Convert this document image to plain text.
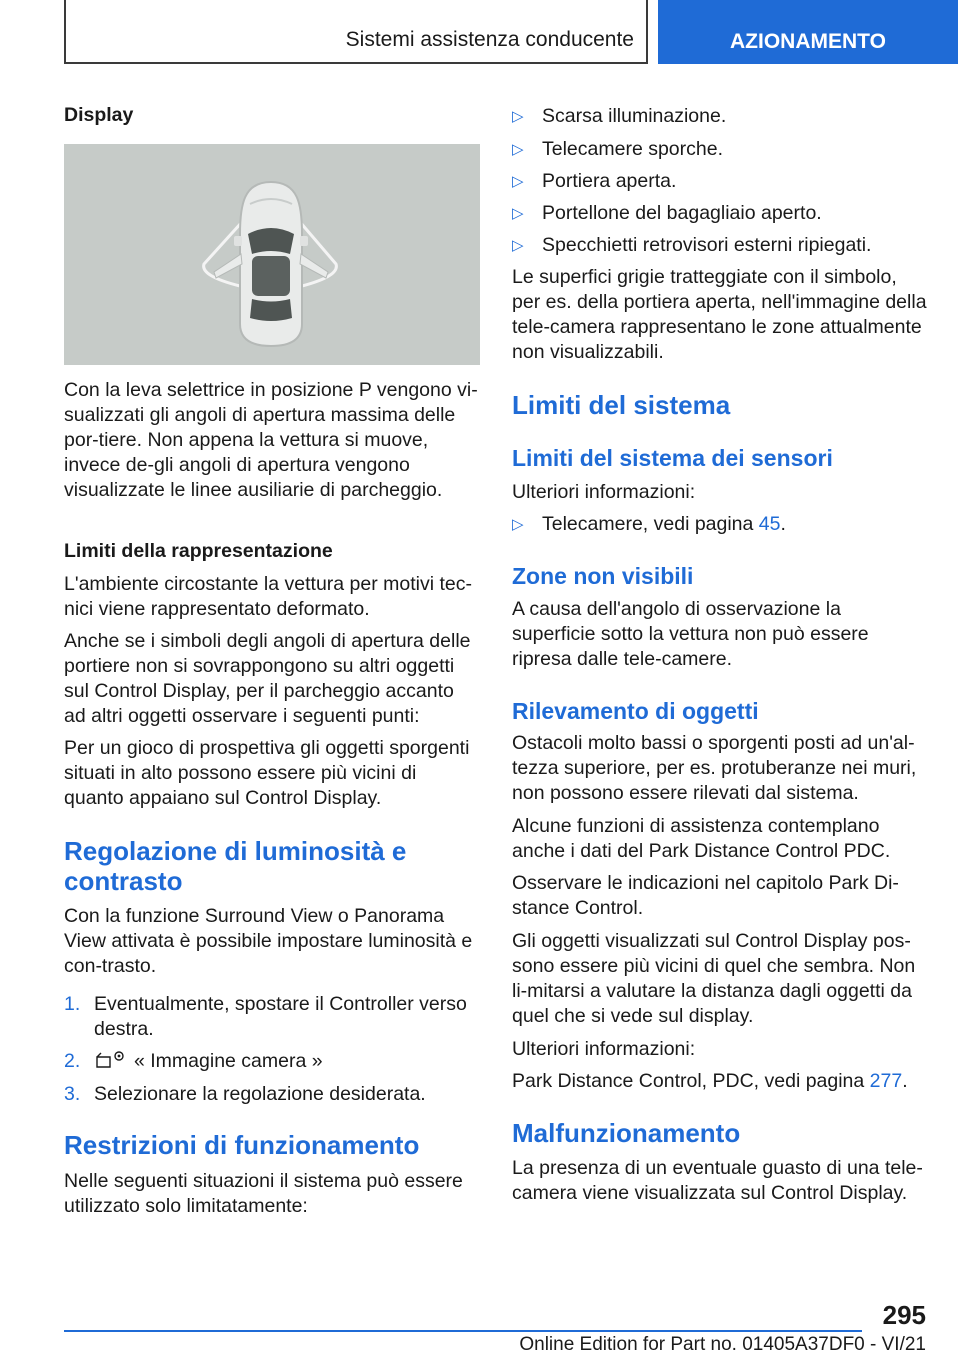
Sistemi assistenza conducente	AZIONAMENTO
Display

Con la leva selettrice in posizione P vengono vi-sualizzati gli angoli di apertura massima delle por-tiere. Non appena la vettura si muove, invece de-gli angoli di apertura vengono visualizzate le linee ausiliarie di parcheggio.

Limiti della rappresentazione

L'ambiente circostante la vettura per motivi tec-nici viene rappresentato deformato.

Anche se i simboli degli angoli di apertura delle portiere non si sovrappongono su altri oggetti sul Control Display, per il parcheggio accanto ad altri oggetti osservare i seguenti punti:

Per un gioco di prospettiva gli oggetti sporgenti situati in alto possono essere più vicini di quanto appaiano sul Control Display.

Regolazione di luminosità e contrasto

Con la funzione Surround View o Panorama View attivata è possibile impostare luminosità e con-trasto.

1. Eventualmente, spostare il Controller verso destra.
2.	« Immagine camera »
3. Selezionare la regolazione desiderata.
Restrizioni di funzionamento

Nelle seguenti situazioni il sistema può essere utilizzato solo limitatamente:

▷ Scarsa illuminazione.
▷ Telecamere sporche.
▷ Portiera aperta.
▷ Portellone del bagagliaio aperto.
▷ Specchietti retrovisori esterni ripiegati.

Le superfici grigie tratteggiate con il simbolo, per es. della portiera aperta, nell'immagine della tele-camera rappresentano le zone attualmente non visualizzabili.

Limiti del sistema
Limiti del sistema dei sensori

Ulteriori informazioni:

▷ Telecamere, vedi pagina 45.
Zone non visibili

A causa dell'angolo di osservazione la superficie sotto la vettura non può essere ripresa dalle tele-camere.

Rilevamento di oggetti

Ostacoli molto bassi o sporgenti posti ad un'al-tezza superiore, per es. protuberanze nei muri, non possono essere rilevati dal sistema.

Alcune funzioni di assistenza contemplano anche i dati del Park Distance Control PDC.

Osservare le indicazioni nel capitolo Park Di-stance Control.

Gli oggetti visualizzati sul Control Display pos-sono essere più vicini di quel che sembra. Non li-mitarsi a valutare la distanza dagli oggetti da quel che si vede sul display.

Ulteriori informazioni:

Park Distance Control, PDC, vedi pagina 277.

Malfunzionamento

La presenza di un eventuale guasto di una tele-camera viene visualizzata sul Control Display.

295
Online Edition for Part no. 01405A37DF0 - VI/21
